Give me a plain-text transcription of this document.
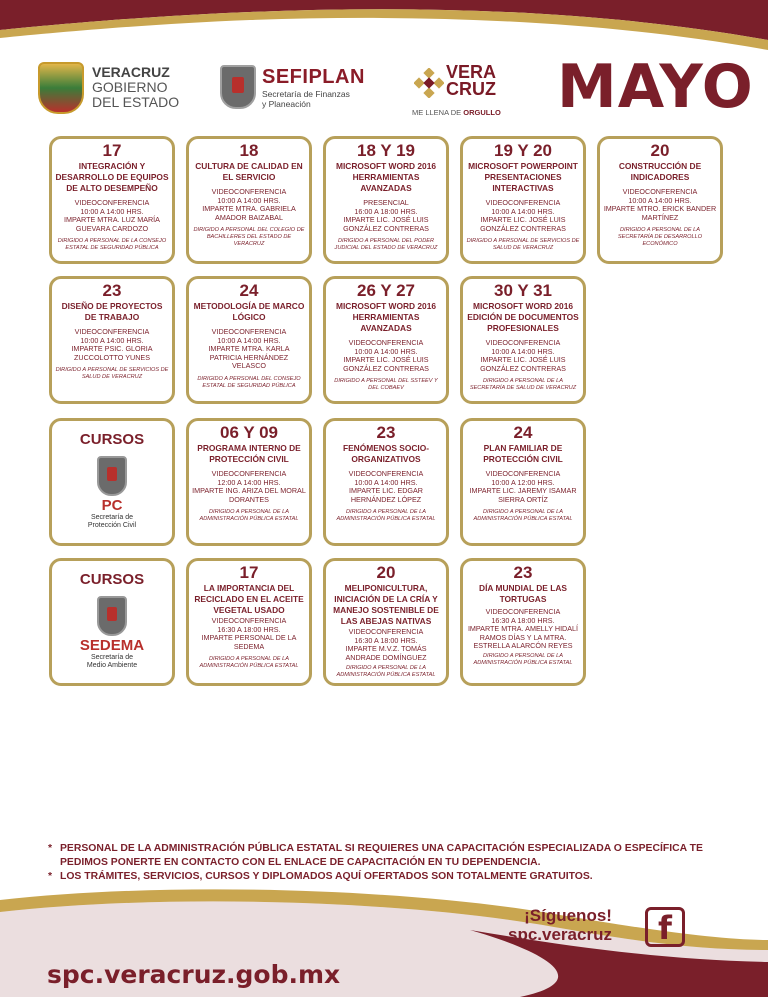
VERACRUZ
GOBIERNO
DEL ESTADO
SEFIPLAN
Secretaría de Finanzas
y Planeación
VERA
CRUZ
ME LLENA DE ORGULLO MAYO
17
INTEGRACIÓN Y DESARROLLO DE EQUIPOS DE ALTO DESEMPEÑO
VIDEOCONFERENCIA
10:00 A 14:00 HRS.
IMPARTE MTRA. LUZ MARÍA GUEVARA CARDOZO
DIRIGIDO A PERSONAL DE LA CONSEJO ESTATAL DE SEGURIDAD PÚBLICA
18
CULTURA DE CALIDAD EN EL SERVICIO
VIDEOCONFERENCIA
10:00 A 14:00 HRS.
IMPARTE MTRA. GABRIELA AMADOR BAIZABAL
DIRIGIDO A PERSONAL DEL COLEGIO DE BACHILLERES DEL ESTADO DE VERACRUZ
18 Y 19
MICROSOFT WORD 2016 HERRAMIENTAS AVANZADAS
PRESENCIAL
16:00 A 18:00 HRS.
IMPARTE LIC. JOSÉ LUIS GONZÁLEZ CONTRERAS
DIRIGIDO A PERSONAL DEL PODER JUDICIAL DEL ESTADO DE VERACRUZ
19 Y 20
MICROSOFT POWERPOINT PRESENTACIONES INTERACTIVAS
VIDEOCONFERENCIA
10:00 A 14:00 HRS.
IMPARTE LIC. JOSÉ LUIS GONZÁLEZ CONTRERAS
DIRIGIDO A PERSONAL DE SERVICIOS DE SALUD DE VERACRUZ
20
CONSTRUCCIÓN DE INDICADORES
VIDEOCONFERENCIA
10:00 A 14:00 HRS.
IMPARTE MTRO. ERICK BANDER MARTÍNEZ
DIRIGIDO A PERSONAL DE LA SECRETARÍA DE DESARROLLO ECONÓMICO
23
DISEÑO DE PROYECTOS DE TRABAJO
VIDEOCONFERENCIA
10:00 A 14:00 HRS.
IMPARTE PSIC. GLORIA ZUCCOLOTTO YUNES
DIRIGIDO A PERSONAL DE SERVICIOS DE SALUD DE VERACRUZ
24
METODOLOGÍA DE MARCO LÓGICO
VIDEOCONFERENCIA
10:00 A 14:00 HRS.
IMPARTE MTRA. KARLA PATRICIA HERNÁNDEZ VELASCO
DIRIGIDO A PERSONAL DEL CONSEJO ESTATAL DE SEGURIDAD PÚBLICA
26 Y 27
MICROSOFT WORD 2016 HERRAMIENTAS AVANZADAS
VIDEOCONFERENCIA
10:00 A 14:00 HRS.
IMPARTE LIC. JOSÉ LUIS GONZÁLEZ CONTRERAS
DIRIGIDO A PERSONAL DEL SSTEEV Y DEL COBAEV
30 Y 31
MICROSOFT WORD 2016 EDICIÓN DE DOCUMENTOS PROFESIONALES
VIDEOCONFERENCIA
10:00 A 14:00 HRS.
IMPARTE LIC. JOSÉ LUIS GONZÁLEZ CONTRERAS
DIRIGIDO A PERSONAL DE LA SECRETARÍA DE SALUD DE VERACRUZ
CURSOS
PC
Secretaría de
Protección Civil
06 Y 09
PROGRAMA INTERNO DE PROTECCIÓN CIVIL
VIDEOCONFERENCIA
12:00 A 14:00 HRS.
IMPARTE ING. ARIZA DEL MORAL DORANTES
DIRIGIDO A PERSONAL DE LA ADMINISTRACIÓN PÚBLICA ESTATAL
23
FENÓMENOS SOCIO-ORGANIZATIVOS
VIDEOCONFERENCIA
10:00 A 14:00 HRS.
IMPARTE LIC. EDGAR HERNÁNDEZ LÓPEZ
DIRIGIDO A PERSONAL DE LA ADMINISTRACIÓN PÚBLICA ESTATAL
24
PLAN FAMILIAR DE PROTECCIÓN CIVIL
VIDEOCONFERENCIA
10:00 A 12:00 HRS.
IMPARTE LIC. JAREMY ISAMAR SIERRA ORTÍZ
DIRIGIDO A PERSONAL DE LA ADMINISTRACIÓN PÚBLICA ESTATAL
CURSOS
SEDEMA
Secretaría de
Medio Ambiente
17
LA IMPORTANCIA DEL RECICLADO EN EL ACEITE VEGETAL USADO
VIDEOCONFERENCIA
16:30 A 18:00 HRS.
IMPARTE PERSONAL DE LA SEDEMA
DIRIGIDO A PERSONAL DE LA ADMINISTRACIÓN PÚBLICA ESTATAL
20
MELIPONICULTURA, INICIACIÓN DE LA CRÍA Y MANEJO SOSTENIBLE DE LAS ABEJAS NATIVAS
VIDEOCONFERENCIA
16:30 A 18:00 HRS.
IMPARTE M.V.Z. TOMÁS ANDRADE DOMÍNGUEZ
DIRIGIDO A PERSONAL DE LA ADMINISTRACIÓN PÚBLICA ESTATAL
23
DÍA MUNDIAL DE LAS TORTUGAS
VIDEOCONFERENCIA
16:30 A 18:00 HRS.
IMPARTE MTRA. AMELLY HIDALÍ RAMOS DÍAS Y LA MTRA. ESTRELLA ALARCÓN REYES
DIRIGIDO A PERSONAL DE LA ADMINISTRACIÓN PÚBLICA ESTATAL
* PERSONAL DE LA ADMINISTRACIÓN PÚBLICA ESTATAL SI REQUIERES UNA CAPACITACIÓN ESPECIALIZADA O ESPECÍFICA TE PEDIMOS PONERTE EN CONTACTO CON EL ENLACE DE CAPACITACIÓN EN TU DEPENDENCIA.
* LOS TRÁMITES, SERVICIOS, CURSOS Y DIPLOMADOS AQUÍ OFERTADOS SON TOTALMENTE GRATUITOS.
¡Síguenos!
spc.veracruz	f
spc.veracruz.gob.mx
